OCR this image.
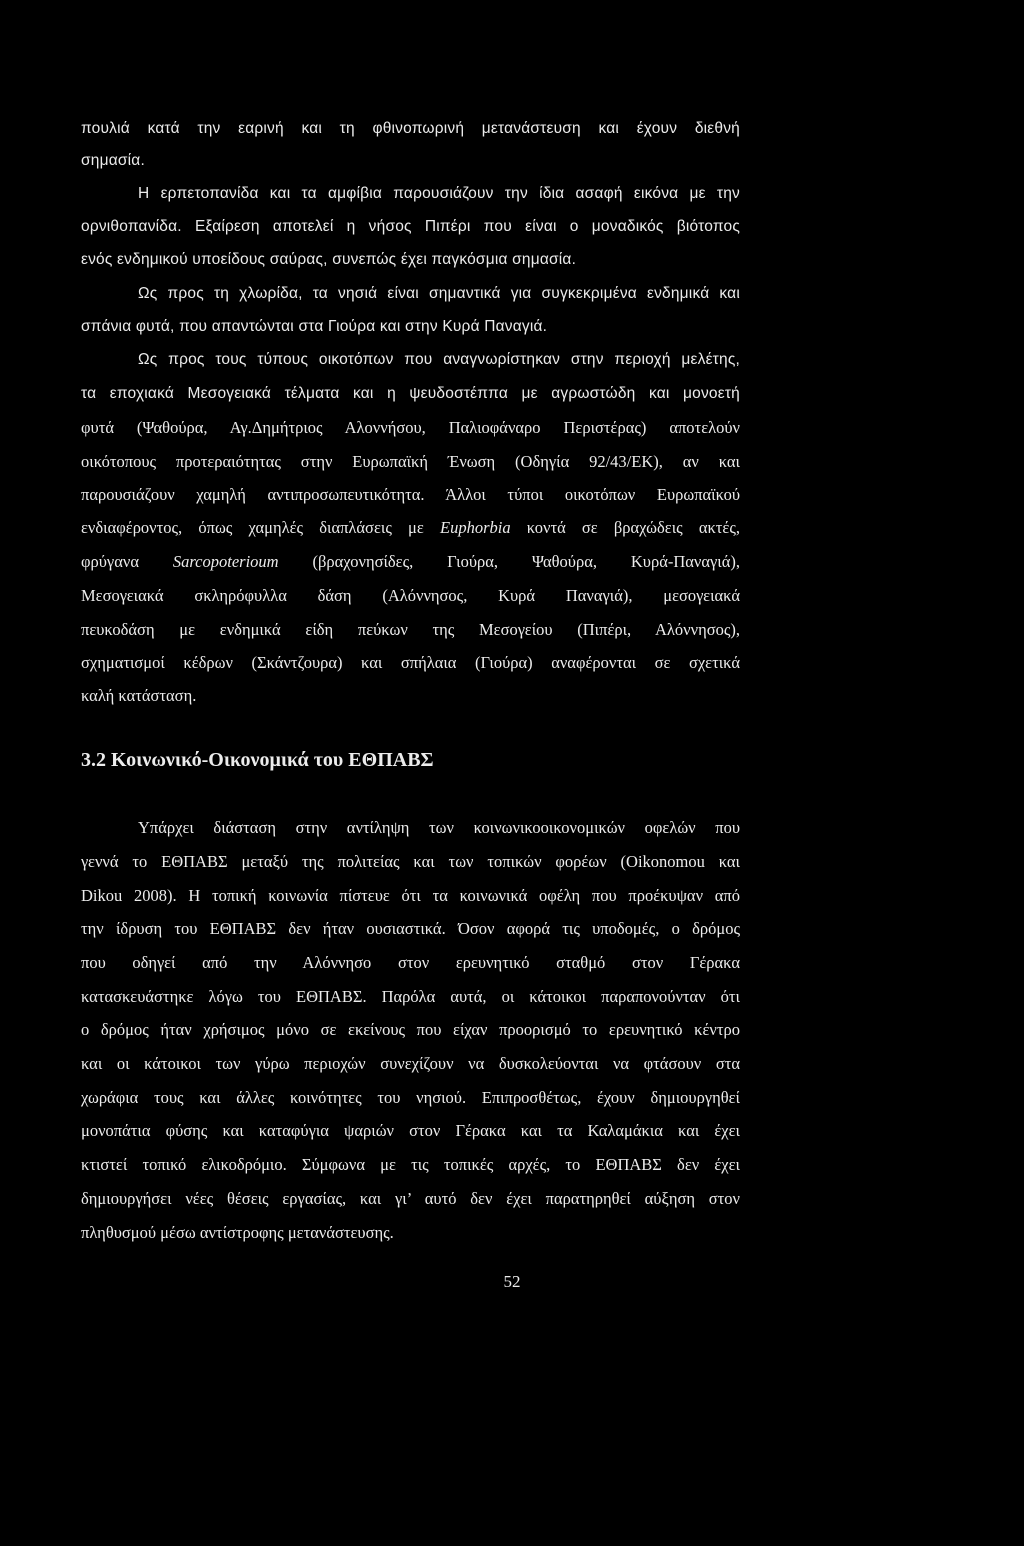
πουλιά κατά την εαρινή και τη φθινοπωρινή μετανάστευση και έχουν διεθνή
σημασία.
Η ερπετοπανίδα και τα αμφίβια παρουσιάζουν την ίδια ασαφή εικόνα με την
ορνιθοπανίδα. Εξαίρεση αποτελεί η νήσος Πιπέρι που είναι ο μοναδικός βιότοπος
ενός ενδημικού υποείδους σαύρας, συνεπώς έχει παγκόσμια σημασία.
Ως προς τη χλωρίδα, τα νησιά είναι σημαντικά για συγκεκριμένα ενδημικά και
σπάνια φυτά, που απαντώνται στα Γιούρα και στην Κυρά Παναγιά.
Ως προς τους τύπους οικοτόπων που αναγνωρίστηκαν στην περιοχή μελέτης,
τα εποχιακά Μεσογειακά τέλματα και η ψευδοστέππα με αγρωστώδη και μονοετή
φυτά (Ψαθούρα, Αγ.Δημήτριος Αλοννήσου, Παλιοφάναρο Περιστέρας) αποτελούν
οικότοπους προτεραιότητας στην Ευρωπαϊκή Ένωση (Οδηγία 92/43/ΕΚ), αν και
παρουσιάζουν χαμηλή αντιπροσωπευτικότητα. Άλλοι τύποι οικοτόπων Ευρωπαϊκού
ενδιαφέροντος, όπως χαμηλές διαπλάσεις με Euphorbia κοντά σε βραχώδεις ακτές,
φρύγανα Sarcopoterioum (βραχονησίδες, Γιούρα, Ψαθούρα, Κυρά-Παναγιά),
Μεσογειακά σκληρόφυλλα δάση (Αλόννησος, Κυρά Παναγιά), μεσογειακά
πευκοδάση με ενδημικά είδη πεύκων της Μεσογείου (Πιπέρι, Αλόννησος),
σχηματισμοί κέδρων (Σκάντζουρα) και σπήλαια (Γιούρα) αναφέρονται σε σχετικά
καλή κατάσταση.
3.2 Κοινωνικό-Οικονομικά του ΕΘΠΑΒΣ
Υπάρχει διάσταση στην αντίληψη των κοινωνικοοικονομικών οφελών που
γεννά το ΕΘΠΑΒΣ μεταξύ της πολιτείας και των τοπικών φορέων (Oikonomou και
Dikou 2008). Η τοπική κοινωνία πίστευε ότι τα κοινωνικά οφέλη που προέκυψαν από
την ίδρυση του ΕΘΠΑΒΣ δεν ήταν ουσιαστικά. Όσον αφορά τις υποδομές, ο δρόμος
που οδηγεί από την Αλόννησο στον ερευνητικό σταθμό στον Γέρακα
κατασκευάστηκε λόγω του ΕΘΠΑΒΣ. Παρόλα αυτά, οι κάτοικοι παραπονούνταν ότι
ο δρόμος ήταν χρήσιμος μόνο σε εκείνους που είχαν προορισμό το ερευνητικό κέντρο
και οι κάτοικοι των γύρω περιοχών συνεχίζουν να δυσκολεύονται να φτάσουν στα
χωράφια τους και άλλες κοινότητες του νησιού. Επιπροσθέτως, έχουν δημιουργηθεί
μονοπάτια φύσης και καταφύγια ψαριών στον Γέρακα και τα Καλαμάκια και έχει
κτιστεί τοπικό ελικοδρόμιο. Σύμφωνα με τις τοπικές αρχές, το ΕΘΠΑΒΣ δεν έχει
δημιουργήσει νέες θέσεις εργασίας, και γι’ αυτό δεν έχει παρατηρηθεί αύξηση στον
πληθυσμού μέσω αντίστροφης μετανάστευσης.
52
